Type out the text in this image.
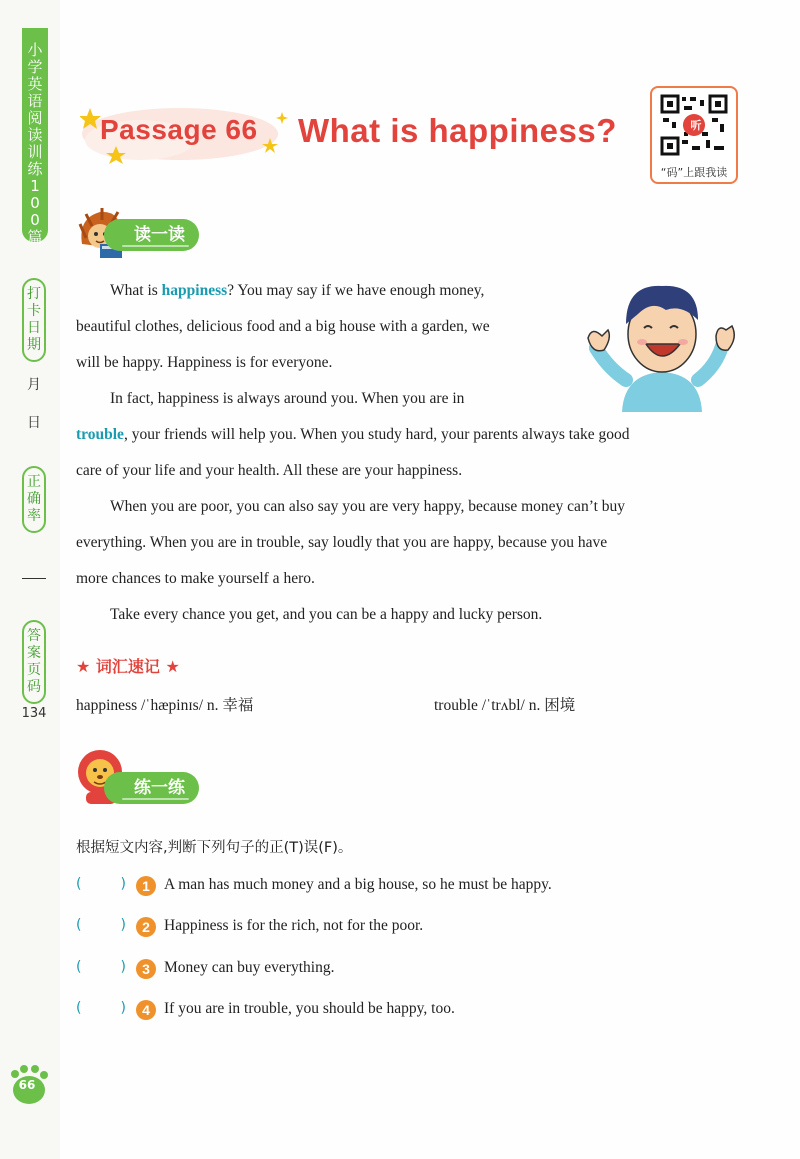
小学英语阅读训练100篇
打卡日期
月
日
正确率
答案页码
134
66
Passage 66 What is happiness?	听
“码”上跟我读
读一读
What is happiness? You may say if we have enough money,
beautiful clothes, delicious food and a big house with a garden, we
will be happy. Happiness is for everyone.
In fact, happiness is always around you. When you are in
trouble, your friends will help you. When you study hard, your parents always take good
care of your life and your health. All these are your happiness.
When you are poor, you can also say you are very happy, because money can’t buy
everything. When you are in trouble, say loudly that you are happy, because you have
more chances to make yourself a hero.
Take every chance you get, and you can be a happy and lucky person.
★ 词汇速记 ★
happiness /ˈhæpinɪs/ n. 幸福	trouble /ˈtrʌbl/ n. 困境
练一练
根据短文内容,判断下列句子的正(T)误(F)。
(	)	1 A man has much money and a big house, so he must be happy.
(	)	2 Happiness is for the rich, not for the poor.
(	)	3 Money can buy everything.
(	)	4 If you are in trouble, you should be happy, too.
